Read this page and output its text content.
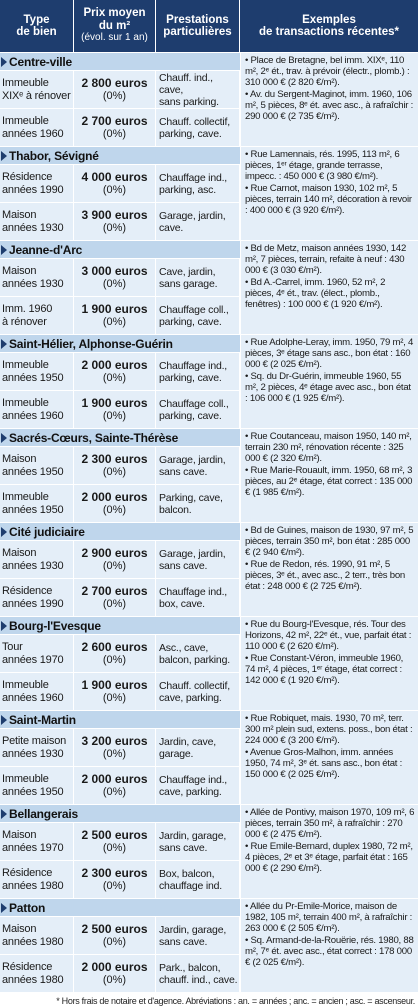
Type
de bien
Prix moyen
du m²
(évol. sur 1 an)
Prestations
particulières
Exemples
de transactions récentes*
Centre-ville
Immeuble
XIXᵉ à rénover
2 800 euros
(0%)
Chauff. ind., cave,
sans parking.
Immeuble
années 1960
2 700 euros
(0%)
Chauff. collectif,
parking, cave.

• Place de Bretagne, bel imm. XIXᵉ, 110 m², 2ᵉ ét., trav. à prévoir (électr., plomb.) : 310 000 € (2 820 €/m²).

• Av. du Sergent-Maginot, imm. 1960, 106 m², 5 pièces, 8ᵉ ét. avec asc., à rafraîchir : 290 000 € (2 735 €/m²).

Thabor, Sévigné
Résidence
années 1990
4 000 euros
(0%)
Chauffage ind.,
parking, asc.
Maison
années 1930
3 900 euros
(0%)
Garage, jardin,
cave.

• Rue Lamennais, rés. 1995, 113 m², 6 pièces, 1ᵉʳ étage, grande terrasse, impecc. : 450 000 € (3 980 €/m²).

• Rue Carnot, maison 1930, 102 m², 5 pièces, terrain 140 m², décoration à revoir : 400 000 € (3 920 €/m²).

Jeanne-d'Arc
Maison
années 1930
3 000 euros
(0%)
Cave, jardin,
sans garage.
Imm. 1960
à rénover
1 900 euros
(0%)
Chauffage coll.,
parking, cave.

• Bd de Metz, maison années 1930, 142 m², 7 pièces, terrain, refaite à neuf : 430 000 € (3 030 €/m²).

• Bd A.-Carrel, imm. 1960, 52 m², 2 pièces, 4ᵉ ét., trav. (élect., plomb., fenêtres) : 100 000 € (1 920 €/m²).

Saint-Hélier, Alphonse-Guérin
Immeuble
années 1950
2 000 euros
(0%)
Chauffage ind.,
parking, cave.
Immeuble
années 1960
1 900 euros
(0%)
Chauffage coll.,
parking, cave.

• Rue Adolphe-Leray, imm. 1950, 79 m², 4 pièces, 3ᵉ étage sans asc., bon état : 160 000 € (2 025 €/m²).

• Sq. du Dr-Guérin, immeuble 1960, 55 m², 2 pièces, 4ᵉ étage avec asc., bon état : 106 000 € (1 925 €/m²).

Sacrés-Cœurs, Sainte-Thérèse
Maison
années 1950
2 300 euros
(0%)
Garage, jardin,
sans cave.
Immeuble
années 1950
2 000 euros
(0%)
Parking, cave,
balcon.

• Rue Coutanceau, maison 1950, 140 m², terrain 230 m², rénovation récente : 325 000 € (2 320 €/m²).

• Rue Marie-Rouault, imm. 1950, 68 m², 3 pièces, au 2ᵉ étage, état correct : 135 000 € (1 985 €/m²).

Cité judiciaire
Maison
années 1930
2 900 euros
(0%)
Garage, jardin,
sans cave.
Résidence
années 1990
2 700 euros
(0%)
Chauffage ind.,
box, cave.

• Bd de Guines, maison de 1930, 97 m², 5 pièces, terrain 350 m², bon état : 285 000 € (2 940 €/m²).

• Rue de Redon, rés. 1990, 91 m², 5 pièces, 3ᵉ ét., avec asc., 2 terr., très bon état : 248 000 € (2 725 €/m²).

Bourg-l'Evesque
Tour
années 1970
2 600 euros
(0%)
Asc., cave,
balcon, parking.
Immeuble
années 1960
1 900 euros
(0%)
Chauff. collectif,
cave, parking.

• Rue du Bourg-l'Evesque, rés. Tour des Horizons, 42 m², 22ᵉ ét., vue, parfait état : 110 000 € (2 620 €/m²).

• Rue Constant-Véron, immeuble 1960, 74 m², 4 pièces, 1ᵉʳ étage, état correct : 142 000 € (1 920 €/m²).

Saint-Martin
Petite maison
années 1930
3 200 euros
(0%)
Jardin, cave,
garage.
Immeuble
années 1950
2 000 euros
(0%)
Chauffage ind.,
cave, parking.

• Rue Robiquet, mais. 1930, 70 m², terr. 300 m² plein sud, extens. poss., bon état : 224 000 € (3 200 €/m²).

• Avenue Gros-Malhon, imm. années 1950, 74 m², 3ᵉ ét. sans asc., bon état : 150 000 € (2 025 €/m²).

Bellangerais
Maison
années 1970
2 500 euros
(0%)
Jardin, garage,
sans cave.
Résidence
années 1980
2 300 euros
(0%)
Box, balcon,
chauffage ind.

• Allée de Pontivy, maison 1970, 109 m², 6 pièces, terrain 350 m², à rafraîchir : 270 000 € (2 475 €/m²).

• Rue Emile-Bernard, duplex 1980, 72 m², 4 pièces, 2ᵉ et 3ᵉ étage, parfait état : 165 000 € (2 290 €/m²).

Patton
Maison
années 1980
2 500 euros
(0%)
Jardin, garage,
sans cave.
Résidence
années 1980
2 000 euros
(0%)
Park., balcon,
chauff. ind., cave.

• Allée du Pr-Emile-Morice, maison de 1982, 105 m², terrain 400 m², à rafraîchir : 263 000 € (2 505 €/m²).

• Sq. Armand-de-la-Rouërie, rés. 1980, 88 m², 7ᵉ ét. avec asc., état correct : 178 000 € (2 025 €/m²).

* Hors frais de notaire et d'agence. Abréviations : an. = années ; anc. = ancien ; asc. = ascenseur.
